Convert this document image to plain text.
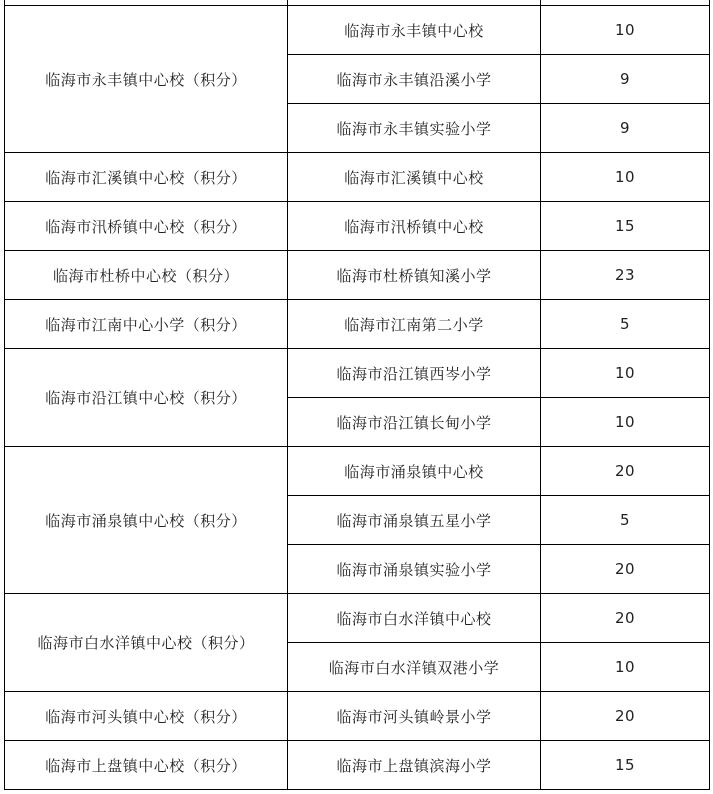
临海市永丰镇中心校（积分）	临海市永丰镇中心校	10
	临海市永丰镇沿溪小学	9
	临海市永丰镇实验小学	9
临海市汇溪镇中心校（积分）	临海市汇溪镇中心校	10
临海市汛桥镇中心校（积分）	临海市汛桥镇中心校	15
临海市杜桥中心校（积分）	临海市杜桥镇知溪小学	23
临海市江南中心小学（积分）	临海市江南第二小学	5
临海市沿江镇中心校（积分）	临海市沿江镇西岑小学	10
	临海市沿江镇长甸小学	10
临海市涌泉镇中心校（积分）	临海市涌泉镇中心校	20
	临海市涌泉镇五星小学	5
	临海市涌泉镇实验小学	20
临海市白水洋镇中心校（积分）	临海市白水洋镇中心校	20
	临海市白水洋镇双港小学	10
临海市河头镇中心校（积分）	临海市河头镇岭景小学	20
临海市上盘镇中心校（积分）	临海市上盘镇滨海小学	15
